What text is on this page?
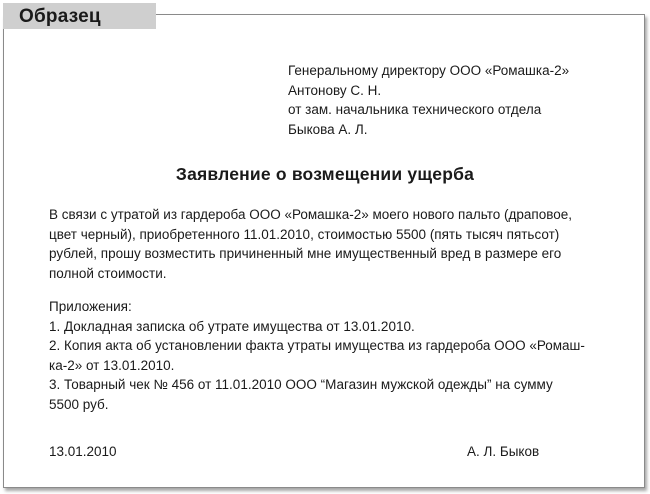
Образец
Генеральному директору ООО «Ромашка-2»
Антонову С. Н.
от зам. начальника технического отдела
Быкова А. Л.
Заявление о возмещении ущерба
В связи с утратой из гардероба ООО «Ромашка-2» моего нового пальто (драповое,
цвет черный), приобретенного 11.01.2010, стоимостью 5500 (пять тысяч пятьсот)
рублей, прошу возместить причиненный мне имущественный вред в размере его
полной стоимости.
Приложения:
1. Докладная записка об утрате имущества от 13.01.2010.
2. Копия акта об установлении факта утраты имущества из гардероба ООО «Ромаш-
ка-2» от 13.01.2010.
3. Товарный чек № 456 от 11.01.2010 ООО “Магазин мужской одежды” на сумму
5500 руб.
13.01.2010	А. Л. Быков
